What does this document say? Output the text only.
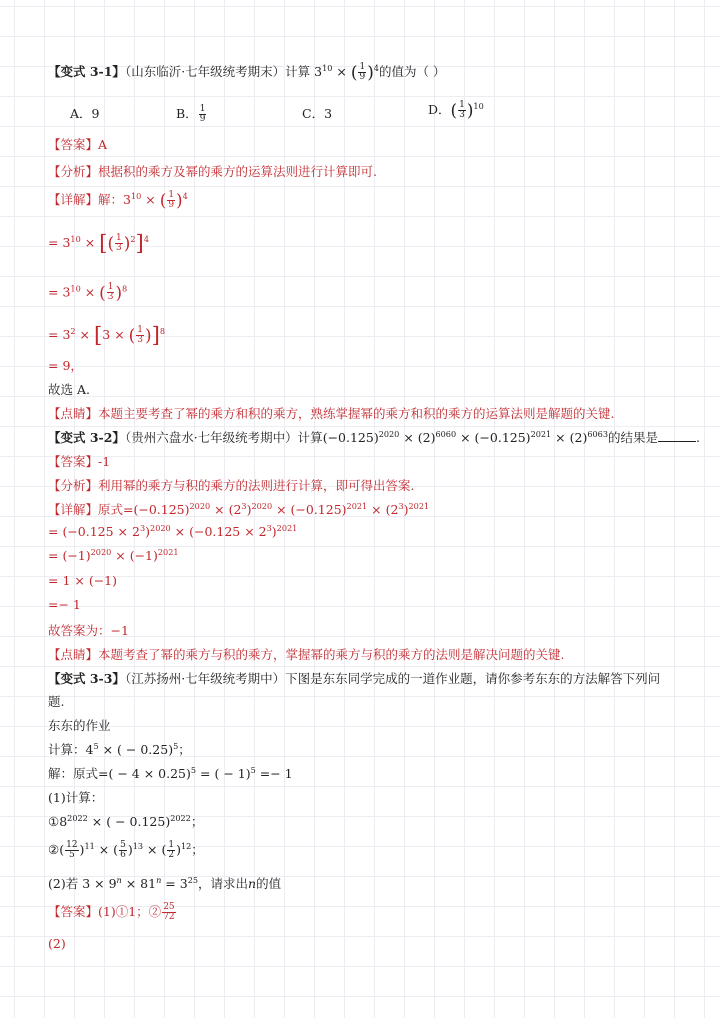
【变式 3-1】（山东临沂·七年级统考期末）计算 $3^{10}$ × ( $\frac{1}{9} )^4$的值为（ ）
A．9	B． $\frac{1}{9}$	C．3	D．( $\frac{1}{3} )^{10}$
【答案】A
【分析】根据积的乘方及幂的乘方的运算法则进行计算即可.
【详解】解：$3^{10}$ × ( $\frac{1}{9} )^4$
= $3^{10}$ × [( $\frac{1}{3} )^2]^4$
= $3^{10}$ × ( $\frac{1}{3} )^8$
= $3^2 \times [3$ × ( $\frac{1}{3} )]^8$
= 9，
故选 A.
【点睛】本题主要考查了幂的乘方和积的乘方，熟练掌握幂的乘方和积的乘方的运算法则是解题的关键.
【变式 3-2】（贵州六盘水·七年级统考期中）计算$(-0.125)^{2020} \times (2)^{6060} \times (-0.125)^{2021} \times (2)^{6063}$的结果是	.
【答案】-1
【分析】利用幂的乘方与积的乘方的法则进行计算，即可得出答案.
【详解】原式$=(-0.125)^{2020} \times (2^3)^{2020} \times (-0.125)^{2021} \times (2^3)^{2021}$
= $(-0.125 \times 2^3)^{2020} \times (-0.125 \times 2^3)^{2021}$
= $(-1)^{2020} \times (-1)^{2021}$
= 1 × (−1)
=− 1
故答案为：−1
【点睛】本题考查了幂的乘方与积的乘方，掌握幂的乘方与积的乘方的法则是解决问题的关键.
【变式 3-3】（江苏扬州·七年级统考期中）下图是东东同学完成的一道作业题，请你参考东东的方法解答下列问
题.
东东的作业
计算：$4^5$ × ( − 0.25)$^5$；
解：原式=( − 4 × 0.25)$^5$ = ( − 1)$^5$ =− 1
(1)计算：
$①8^{2022}$ × ( − 0.125)$^{2022}$；
②( $\frac{12}{5} )^{11}$ × ( $\frac{5}{6} )^{13}$ × ( $\frac{1}{2} )^{12}$；
(2)若 $3 \times 9^n \times 81^n = 3^{25}$，请求出n的值
【答案】(1)①1；② $\frac{25}{72}$
(2)
